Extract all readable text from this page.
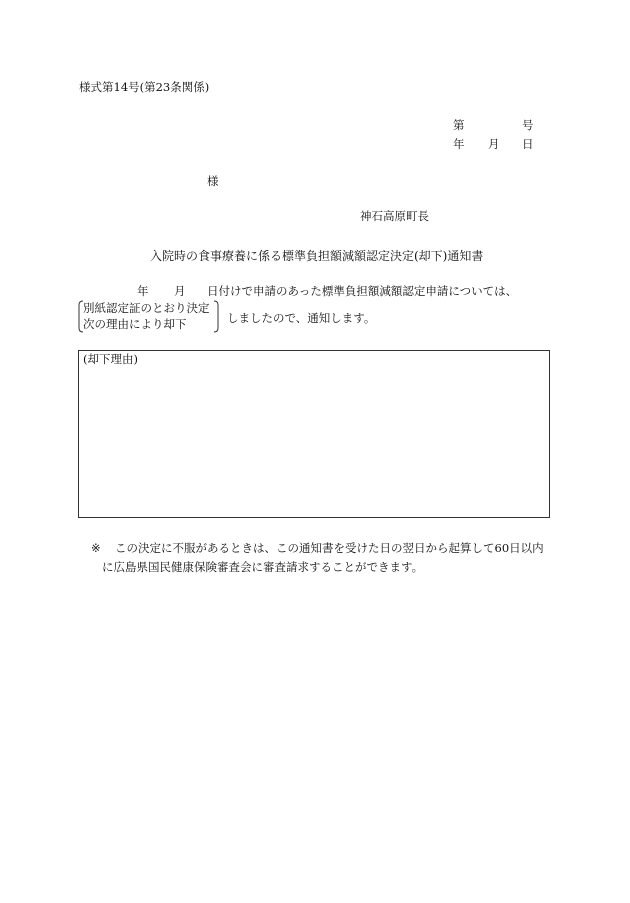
様式第14号(第23条関係)
第	号
年 月 日
様
神石高原町長
入院時の食事療養に係る標準負担額減額認定決定(却下)通知書
年 月 日付けで申請のあった標準負担額減額認定申請については、
別紙認定証のとおり決定
次の理由により却下	しましたので、通知します。
(却下理由)
※ この決定に不服があるときは、この通知書を受けた日の翌日から起算して60日以内
に広島県国民健康保険審査会に審査請求することができます。
